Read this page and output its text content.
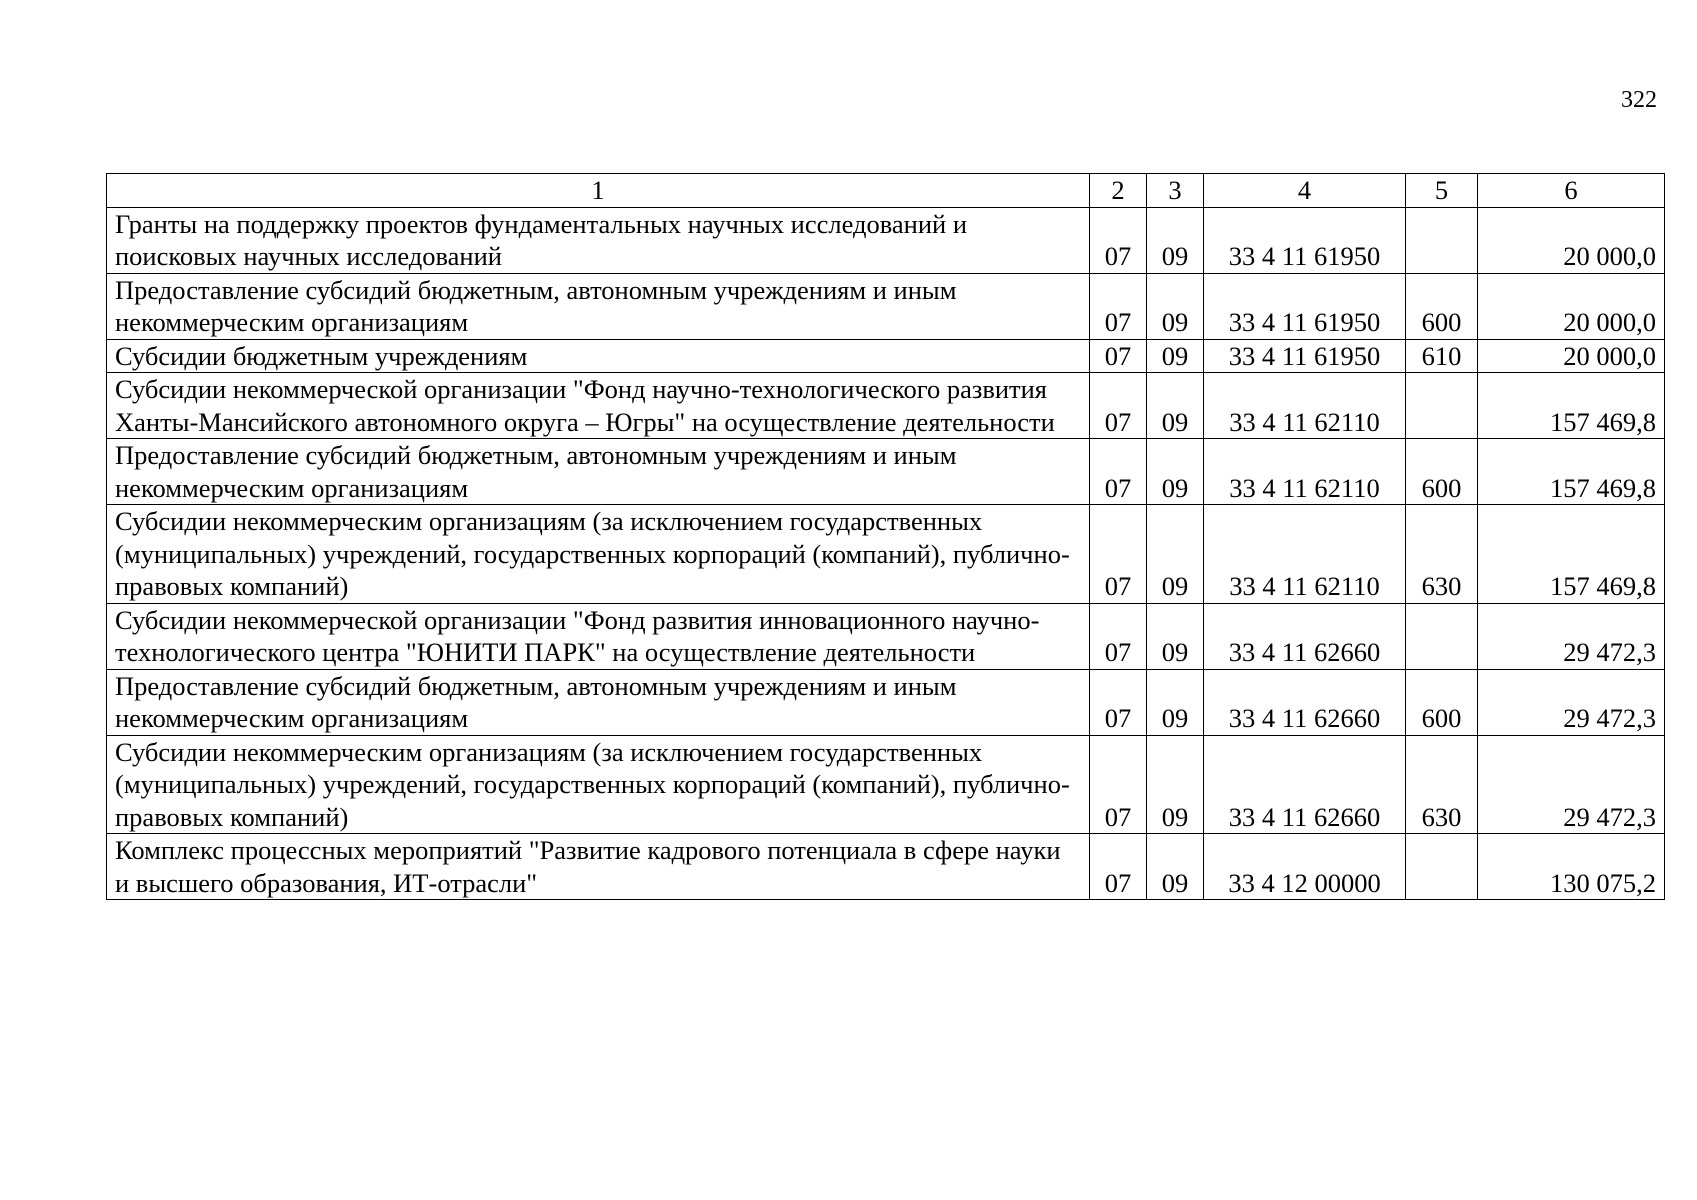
322
1	2	3	4	5	6
Гранты на поддержку проектов фундаментальных научных исследований и поисковых научных исследований	07	09	33 4 11 61950		20 000,0
Предоставление субсидий бюджетным, автономным учреждениям и иным некоммерческим организациям	07	09	33 4 11 61950	600	20 000,0
Субсидии бюджетным учреждениям	07	09	33 4 11 61950	610	20 000,0
Субсидии некоммерческой организации "Фонд научно-технологического развития Ханты-Мансийского автономного округа – Югры" на осуществление деятельности	07	09	33 4 11 62110		157 469,8
Предоставление субсидий бюджетным, автономным учреждениям и иным некоммерческим организациям	07	09	33 4 11 62110	600	157 469,8
Субсидии некоммерческим организациям (за исключением государственных (муниципальных) учреждений, государственных корпораций (компаний), публично-правовых компаний)	07	09	33 4 11 62110	630	157 469,8
Субсидии некоммерческой организации "Фонд развития инновационного научно-технологического центра "ЮНИТИ ПАРК" на осуществление деятельности	07	09	33 4 11 62660		29 472,3
Предоставление субсидий бюджетным, автономным учреждениям и иным некоммерческим организациям	07	09	33 4 11 62660	600	29 472,3
Субсидии некоммерческим организациям (за исключением государственных (муниципальных) учреждений, государственных корпораций (компаний), публично-правовых компаний)	07	09	33 4 11 62660	630	29 472,3
Комплекс процессных мероприятий "Развитие кадрового потенциала в сфере науки и высшего образования, ИТ-отрасли"	07	09	33 4 12 00000		130 075,2
